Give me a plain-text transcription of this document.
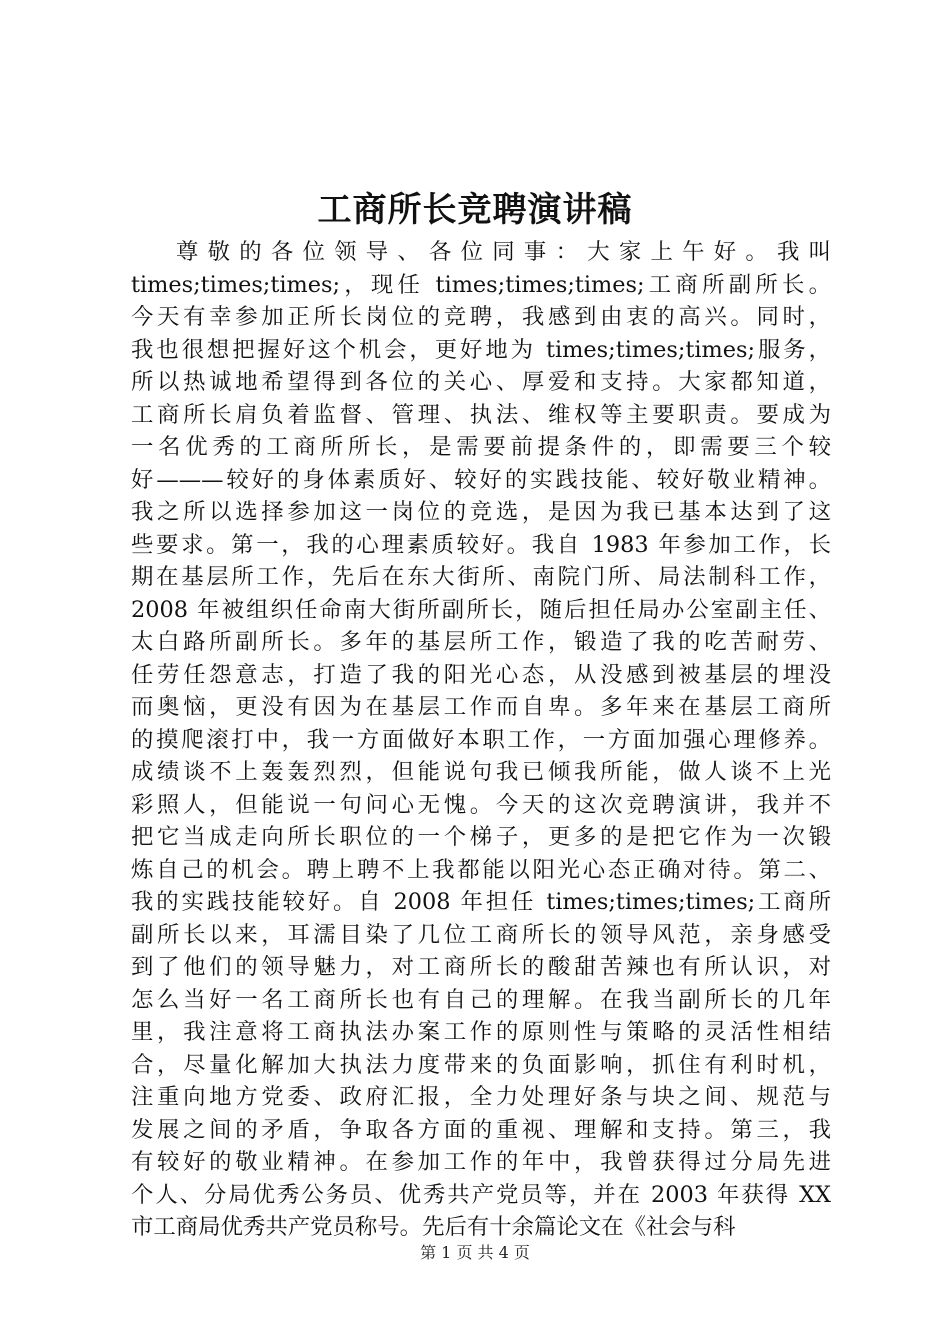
工商所长竞聘演讲稿
尊敬的各位领导、各位同事：大家上午好。我叫
times;times;times;，现任 times;times;times;工商所副所长。
今天有幸参加正所长岗位的竞聘，我感到由衷的高兴。同时，
我也很想把握好这个机会，更好地为 times;times;times;服务，
所以热诚地希望得到各位的关心、厚爱和支持。大家都知道，
工商所长肩负着监督、管理、执法、维权等主要职责。要成为
一名优秀的工商所所长，是需要前提条件的，即需要三个较
好———较好的身体素质好、较好的实践技能、较好敬业精神。
我之所以选择参加这一岗位的竞选，是因为我已基本达到了这
些要求。第一，我的心理素质较好。我自 1983 年参加工作，长
期在基层所工作，先后在东大街所、南院门所、局法制科工作，
2008 年被组织任命南大街所副所长，随后担任局办公室副主任、
太白路所副所长。多年的基层所工作，锻造了我的吃苦耐劳、
任劳任怨意志，打造了我的阳光心态，从没感到被基层的埋没
而奥恼，更没有因为在基层工作而自卑。多年来在基层工商所
的摸爬滚打中，我一方面做好本职工作，一方面加强心理修养。
成绩谈不上轰轰烈烈，但能说句我已倾我所能，做人谈不上光
彩照人，但能说一句问心无愧。今天的这次竞聘演讲，我并不
把它当成走向所长职位的一个梯子，更多的是把它作为一次锻
炼自己的机会。聘上聘不上我都能以阳光心态正确对待。第二、
我的实践技能较好。自 2008 年担任 times;times;times;工商所
副所长以来，耳濡目染了几位工商所长的领导风范，亲身感受
到了他们的领导魅力，对工商所长的酸甜苦辣也有所认识，对
怎么当好一名工商所长也有自己的理解。在我当副所长的几年
里，我注意将工商执法办案工作的原则性与策略的灵活性相结
合，尽量化解加大执法力度带来的负面影响，抓住有利时机，
注重向地方党委、政府汇报，全力处理好条与块之间、规范与
发展之间的矛盾，争取各方面的重视、理解和支持。第三，我
有较好的敬业精神。在参加工作的年中，我曾获得过分局先进
个人、分局优秀公务员、优秀共产党员等，并在 2003 年获得 XX
市工商局优秀共产党员称号。先后有十余篇论文在《社会与科
第 1 页 共 4 页
